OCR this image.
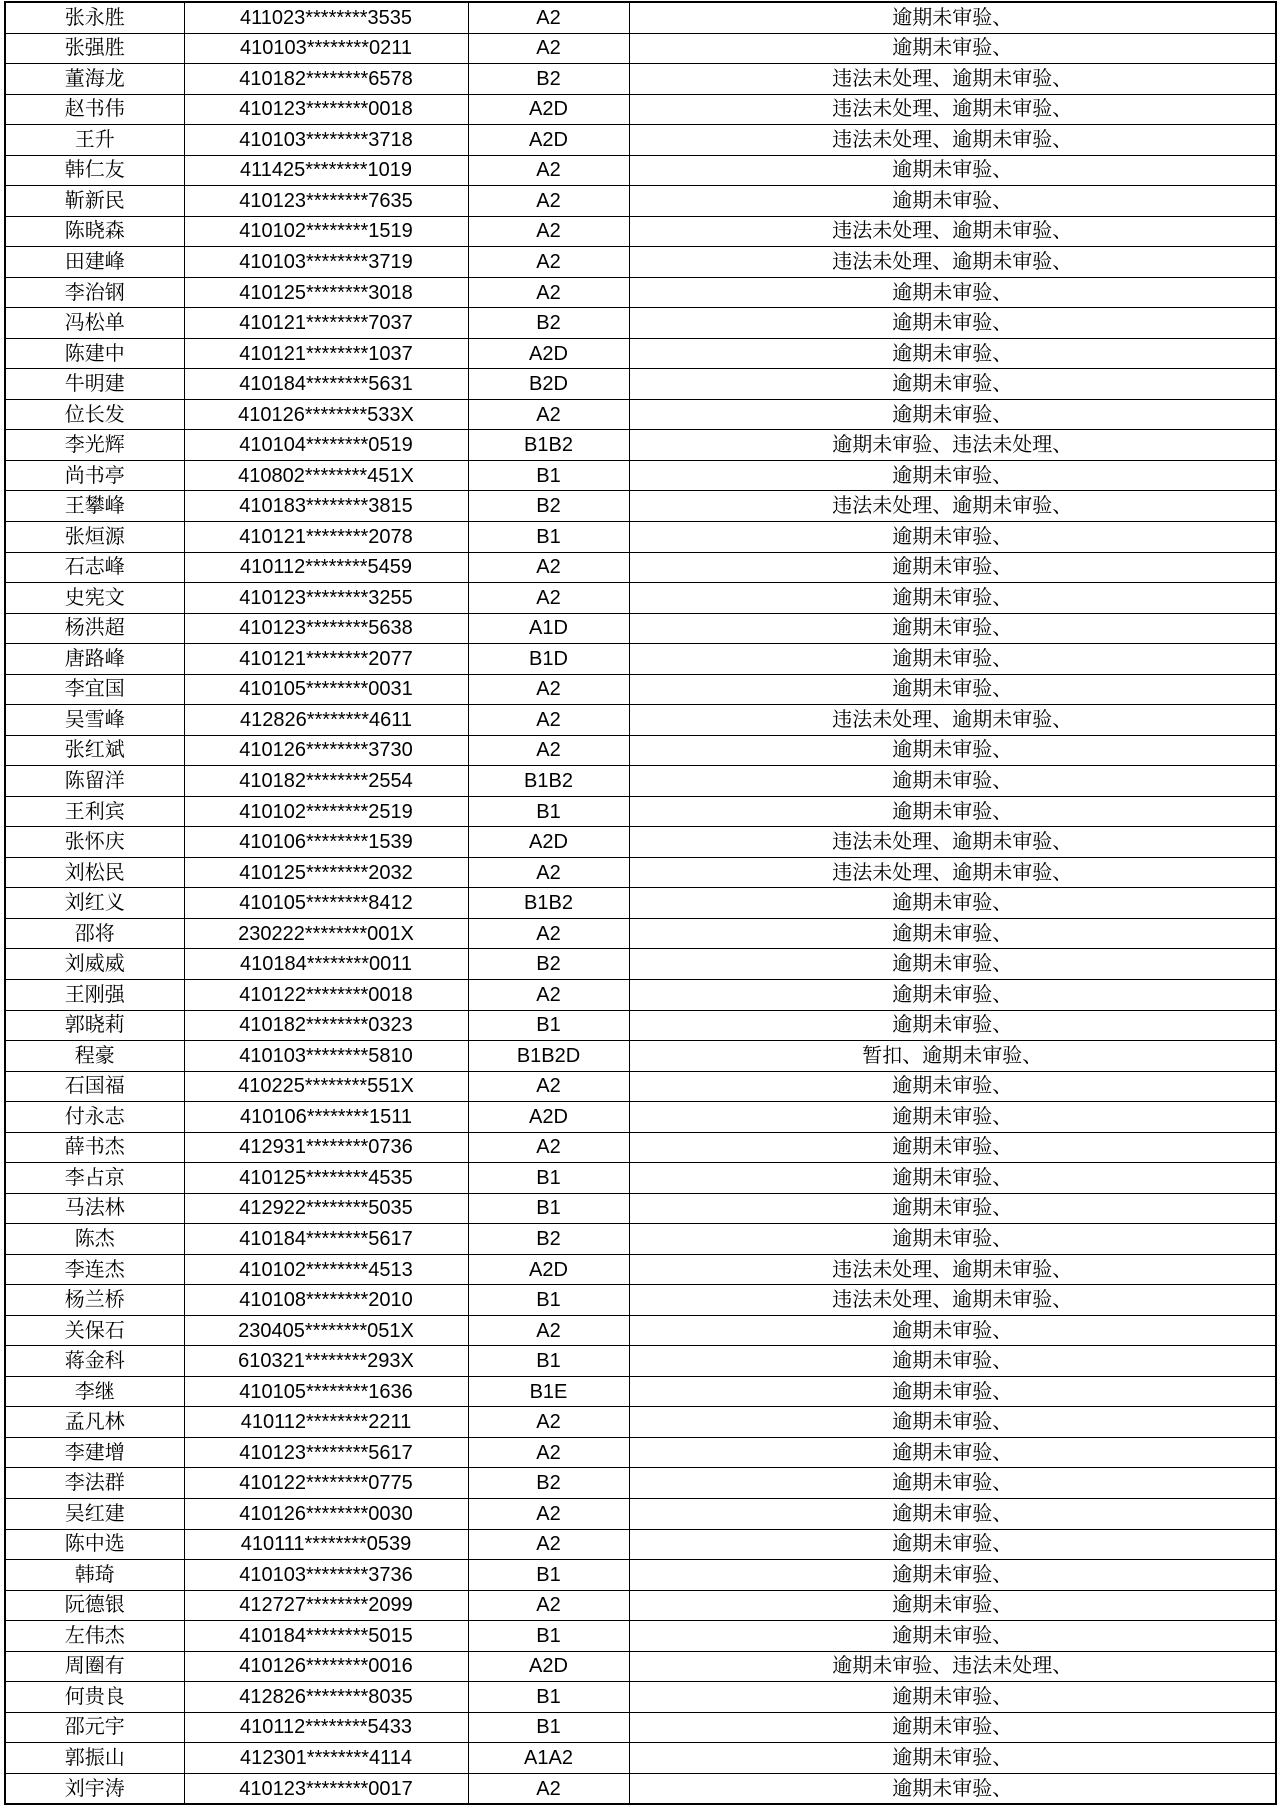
张永胜	411023********3535	A2	逾期未审验、
张强胜	410103********0211	A2	逾期未审验、
董海龙	410182********6578	B2	违法未处理、逾期未审验、
赵书伟	410123********0018	A2D	违法未处理、逾期未审验、
王升	410103********3718	A2D	违法未处理、逾期未审验、
韩仁友	411425********1019	A2	逾期未审验、
靳新民	410123********7635	A2	逾期未审验、
陈晓森	410102********1519	A2	违法未处理、逾期未审验、
田建峰	410103********3719	A2	违法未处理、逾期未审验、
李治钢	410125********3018	A2	逾期未审验、
冯松单	410121********7037	B2	逾期未审验、
陈建中	410121********1037	A2D	逾期未审验、
牛明建	410184********5631	B2D	逾期未审验、
位长发	410126********533X	A2	逾期未审验、
李光辉	410104********0519	B1B2	逾期未审验、违法未处理、
尚书亭	410802********451X	B1	逾期未审验、
王攀峰	410183********3815	B2	违法未处理、逾期未审验、
张烜源	410121********2078	B1	逾期未审验、
石志峰	410112********5459	A2	逾期未审验、
史宪文	410123********3255	A2	逾期未审验、
杨洪超	410123********5638	A1D	逾期未审验、
唐路峰	410121********2077	B1D	逾期未审验、
李宜国	410105********0031	A2	逾期未审验、
吴雪峰	412826********4611	A2	违法未处理、逾期未审验、
张红斌	410126********3730	A2	逾期未审验、
陈留洋	410182********2554	B1B2	逾期未审验、
王利宾	410102********2519	B1	逾期未审验、
张怀庆	410106********1539	A2D	违法未处理、逾期未审验、
刘松民	410125********2032	A2	违法未处理、逾期未审验、
刘红义	410105********8412	B1B2	逾期未审验、
邵将	230222********001X	A2	逾期未审验、
刘威威	410184********0011	B2	逾期未审验、
王刚强	410122********0018	A2	逾期未审验、
郭晓莉	410182********0323	B1	逾期未审验、
程豪	410103********5810	B1B2D	暂扣、逾期未审验、
石国福	410225********551X	A2	逾期未审验、
付永志	410106********1511	A2D	逾期未审验、
薛书杰	412931********0736	A2	逾期未审验、
李占京	410125********4535	B1	逾期未审验、
马法林	412922********5035	B1	逾期未审验、
陈杰	410184********5617	B2	逾期未审验、
李连杰	410102********4513	A2D	违法未处理、逾期未审验、
杨兰桥	410108********2010	B1	违法未处理、逾期未审验、
关保石	230405********051X	A2	逾期未审验、
蒋金科	610321********293X	B1	逾期未审验、
李继	410105********1636	B1E	逾期未审验、
孟凡林	410112********2211	A2	逾期未审验、
李建增	410123********5617	A2	逾期未审验、
李法群	410122********0775	B2	逾期未审验、
吴红建	410126********0030	A2	逾期未审验、
陈中选	410111********0539	A2	逾期未审验、
韩琦	410103********3736	B1	逾期未审验、
阮德银	412727********2099	A2	逾期未审验、
左伟杰	410184********5015	B1	逾期未审验、
周圈有	410126********0016	A2D	逾期未审验、违法未处理、
何贵良	412826********8035	B1	逾期未审验、
邵元宇	410112********5433	B1	逾期未审验、
郭振山	412301********4114	A1A2	逾期未审验、
刘宇涛	410123********0017	A2	逾期未审验、
